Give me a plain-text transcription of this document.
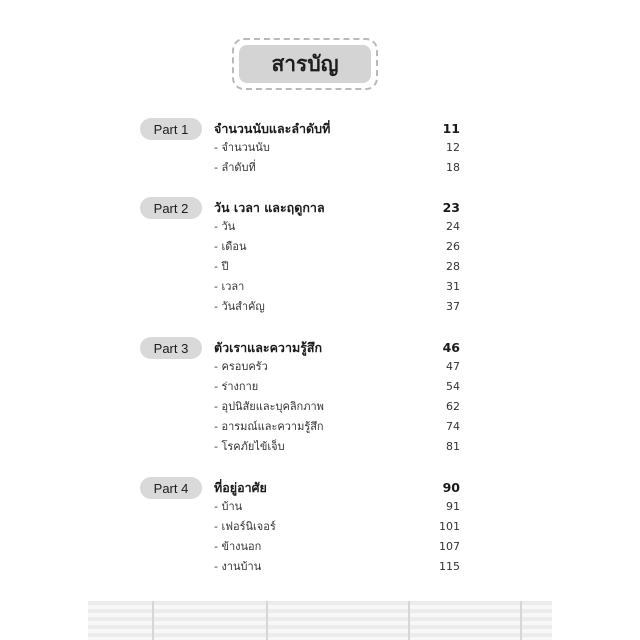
สารบัญ
Part 1	จำนวนนับและลำดับที่	11
- จำนวนนับ	12
- ลำดับที่	18
Part 2	วัน เวลา และฤดูกาล	23
- วัน	24
- เดือน	26
- ปี	28
- เวลา	31
- วันสำคัญ	37
Part 3	ตัวเราและความรู้สึก	46
- ครอบครัว	47
- ร่างกาย	54
- อุปนิสัยและบุคลิกภาพ	62
- อารมณ์และความรู้สึก	74
- โรคภัยไข้เจ็บ	81
Part 4	ที่อยู่อาศัย	90
- บ้าน	91
- เฟอร์นิเจอร์	101
- ข้างนอก	107
- งานบ้าน	115
